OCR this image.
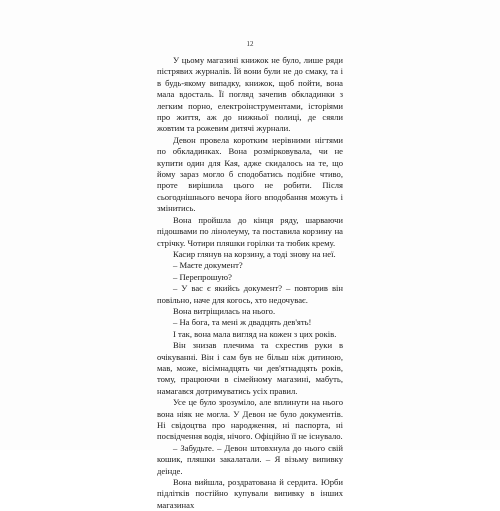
12

У цьому магазині книжок не було, лише ряди пістрявих журналів. Їй вони були не до смаку, та і в будь-якому випадку, книжок, щоб пойти, вона мала вдосталь. Її погляд зачепив обкладинки з легким порно, електроінструментами, історіями про життя, аж до нижньої полиці, де сяяли жовтим та рожевим дитячі журнали.

Девон провела коротким нерівними нігтями по обкладинках. Вона розмірковувала, чи не купити один для Кая, адже скидалось на те, що йому зараз могло б сподобатись подібне чтиво, проте вирішила цього не робити. Після сьогоднішнього вечора його вподобання можуть і змінитись.

Вона пройшла до кінця ряду, шарваючи підошвами по лінолеуму, та поставила корзину на стрічку. Чотири пляшки горілки та тюбик крему.

Касир глянув на корзину, а тоді знову на неї.

– Маєте документ?

– Перепрошую?

– У вас є якийсь документ? – повторив він повільно, наче для когось, хто недочуває.

Вона витріщилась на нього.

– На бога, та мені ж двадцять дев'ять!

І так, вона мала вигляд на кожен з цих років.

Він знизав плечима та схрестив руки в очікуванні. Він і сам був не більш ніж дитиною, мав, може, вісімнадцять чи дев'ятнадцять років, тому, працюючи в сімейному магазині, мабуть, намагався дотримуватись усіх правил.

Усе це було зрозуміло, але вплинути на нього вона ніяк не могла. У Девон не було документів. Ні свідоцтва про народження, ні паспорта, ні посвідчення водія, нічого. Офіційно її не існувало.

– Забудьте. – Девон штовхнула до нього свій кошик, пляшки закалатали. – Я візьму випивку деінде.

Вона вийшла, роздратована й сердита. Юрби підлітків постійно купували випивку в інших магазинах
